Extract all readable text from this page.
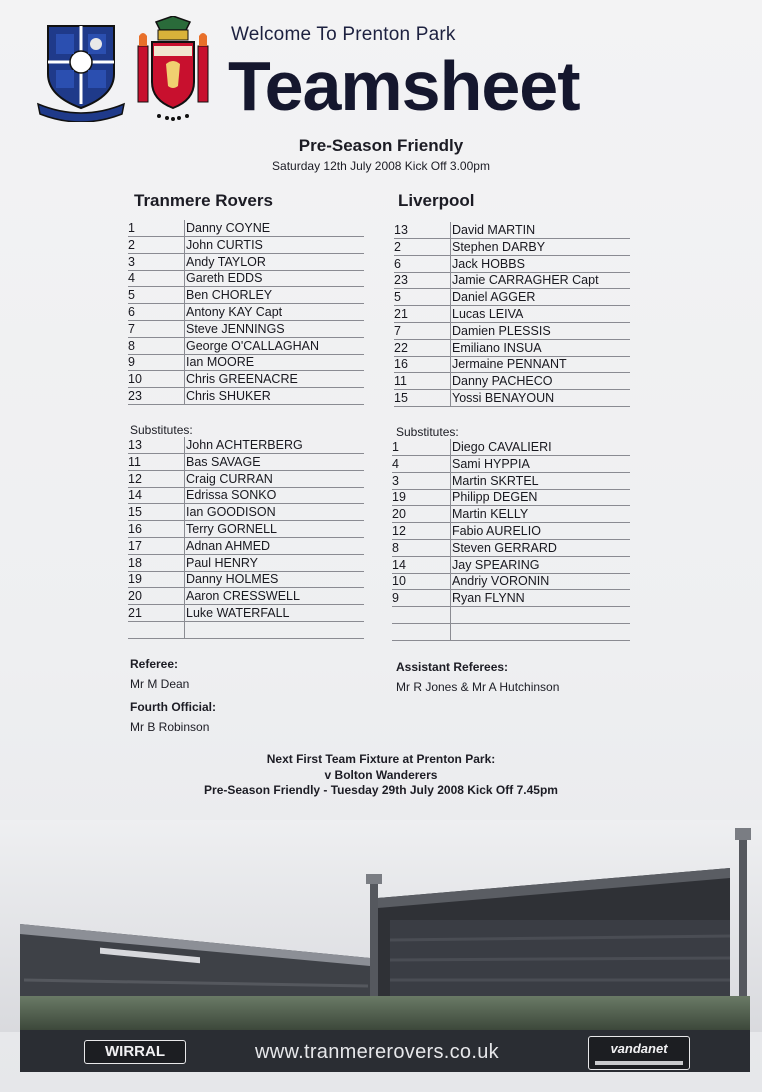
Welcome To Prenton Park
Teamsheet
Pre-Season Friendly
Saturday 12th July 2008 Kick Off 3.00pm
Tranmere Rovers	Liverpool
1	Danny COYNE
2	John CURTIS
3	Andy TAYLOR
4	Gareth EDDS
5	Ben CHORLEY
6	Antony KAY Capt
7	Steve JENNINGS
8	George O'CALLAGHAN
9	Ian MOORE
10	Chris GREENACRE
23	Chris SHUKER
13	David MARTIN
2	Stephen DARBY
6	Jack HOBBS
23	Jamie CARRAGHER Capt
5	Daniel AGGER
21	Lucas LEIVA
7	Damien PLESSIS
22	Emiliano INSUA
16	Jermaine PENNANT
11	Danny PACHECO
15	Yossi BENAYOUN
Substitutes:	Substitutes:
13	John ACHTERBERG
11	Bas SAVAGE
12	Craig CURRAN
14	Edrissa SONKO
15	Ian GOODISON
16	Terry GORNELL
17	Adnan AHMED
18	Paul HENRY
19	Danny HOLMES
20	Aaron CRESSWELL
21	Luke WATERFALL
1	Diego CAVALIERI
4	Sami HYPPIA
3	Martin SKRTEL
19	Philipp DEGEN
20	Martin KELLY
12	Fabio AURELIO
8	Steven GERRARD
14	Jay SPEARING
10	Andriy VORONIN
9	Ryan FLYNN
Referee:
Mr M Dean
Assistant Referees:
Mr R Jones & Mr A Hutchinson
Fourth Official:
Mr B Robinson
Next First Team Fixture at Prenton Park:
v Bolton Wanderers
Pre-Season Friendly - Tuesday 29th July 2008 Kick Off 7.45pm
WIRRAL	www.tranmererovers.co.uk	vandanet
